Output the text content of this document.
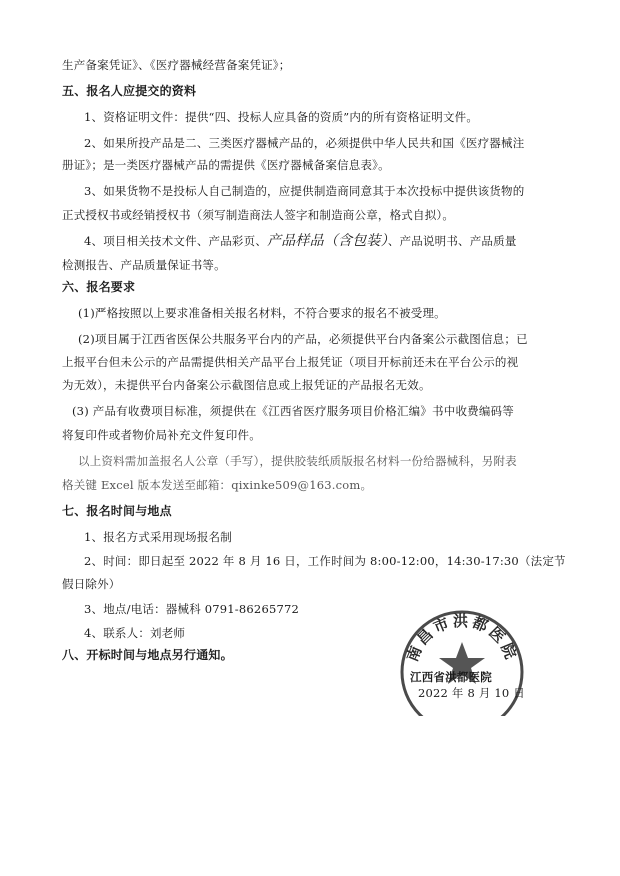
生产备案凭证》、《医疗器械经营备案凭证》；
五、报名人应提交的资料
1、资格证明文件：提供“四、投标人应具备的资质”内的所有资格证明文件。
2、如果所投产品是二、三类医疗器械产品的，必须提供中华人民共和国《医疗器械注
册证》；是一类医疗器械产品的需提供《医疗器械备案信息表》。
3、如果货物不是投标人自己制造的，应提供制造商同意其于本次投标中提供该货物的
正式授权书或经销授权书（须写制造商法人签字和制造商公章，格式自拟）。
4、项目相关技术文件、产品彩页、产品样品（含包装）、产品说明书、产品质量
检测报告、产品质量保证书等。
六、报名要求
(1)严格按照以上要求准备相关报名材料，不符合要求的报名不被受理。
(2)项目属于江西省医保公共服务平台内的产品，必须提供平台内备案公示截图信息；已
上报平台但未公示的产品需提供相关产品平台上报凭证（项目开标前还未在平台公示的视
为无效），未提供平台内备案公示截图信息或上报凭证的产品报名无效。
(3) 产品有收费项目标准，须提供在《江西省医疗服务项目价格汇编》书中收费编码等
将复印件或者物价局补充文件复印件。
以上资料需加盖报名人公章（手写），提供胶装纸质版报名材料一份给器械科，另附表
格关键 Excel 版本发送至邮箱：qixinke509@163.com。
七、报名时间与地点
1、报名方式采用现场报名制
2、时间：即日起至 2022 年 8 月 16 日，工作时间为 8:00-12:00，14:30-17:30（法定节
假日除外）
3、地点/电话：器械科 0791-86265772
4、联系人：刘老师
八、开标时间与地点另行通知。	南昌市洪都医院
江西省洪都医院
2022 年 8 月 10 日
